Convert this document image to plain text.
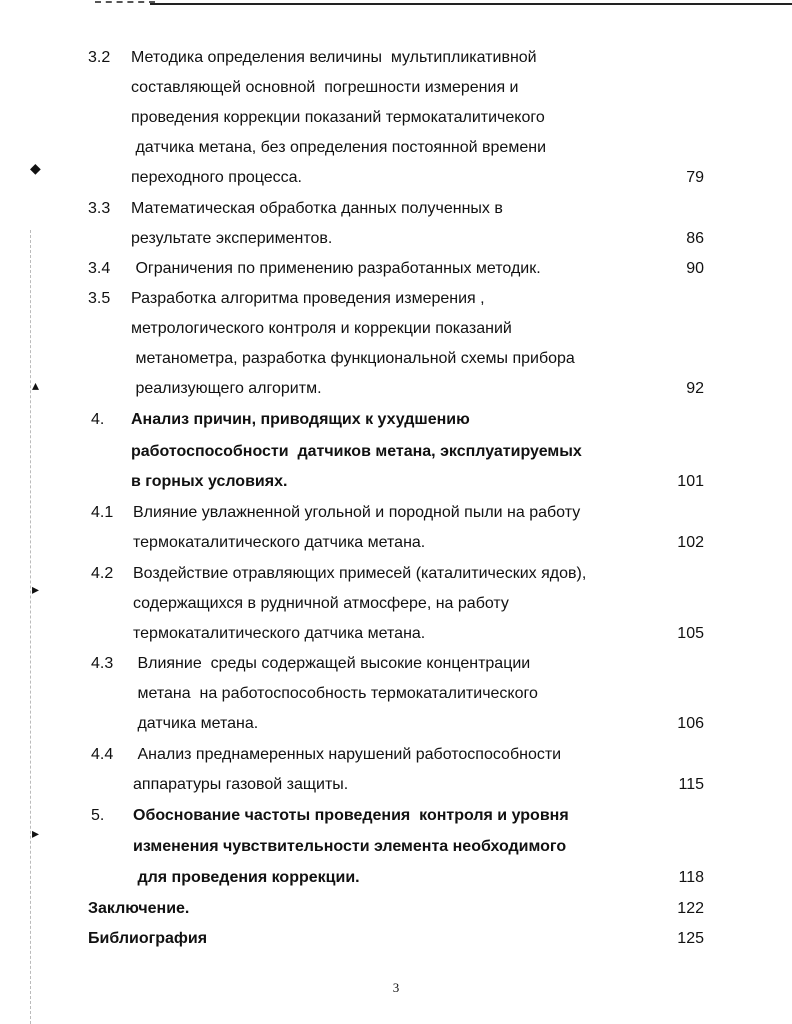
◆
▴
▸
▸
3.2 Методика определения величины  мультипликативной
составляющей основной  погрешности измерения и
проведения коррекции показаний термокаталитичекого
датчика метана, без определения постоянной времени
переходного процесса.	79
3.3 Математическая обработка данных полученных в
результате экспериментов.	86
3.4 Ограничения по применению разработанных методик.	90
3.5 Разработка алгоритма проведения измерения ,
метрологического контроля и коррекции показаний
метанометра, разработка функциональной схемы прибора
реализующего алгоритм.	92
4. Анализ причин, приводящих к ухудшению
работоспособности  датчиков метана, эксплуатируемых
в горных условиях.	101
4.1 Влияние увлажненной угольной и породной пыли на работу
термокаталитического датчика метана.	102
4.2 Воздействие отравляющих примесей (каталитических ядов),
содержащихся в рудничной атмосфере, на работу
термокаталитического датчика метана.	105
4.3 Влияние  среды содержащей высокие концентрации
метана  на работоспособность термокаталитического
датчика метана.	106
4.4 Анализ преднамеренных нарушений работоспособности
аппаратуры газовой защиты.	115
5. Обоснование частоты проведения  контроля и уровня
изменения чувствительности элемента необходимого
для проведения коррекции.	118
Заключение.	122
Библиография	125
3
